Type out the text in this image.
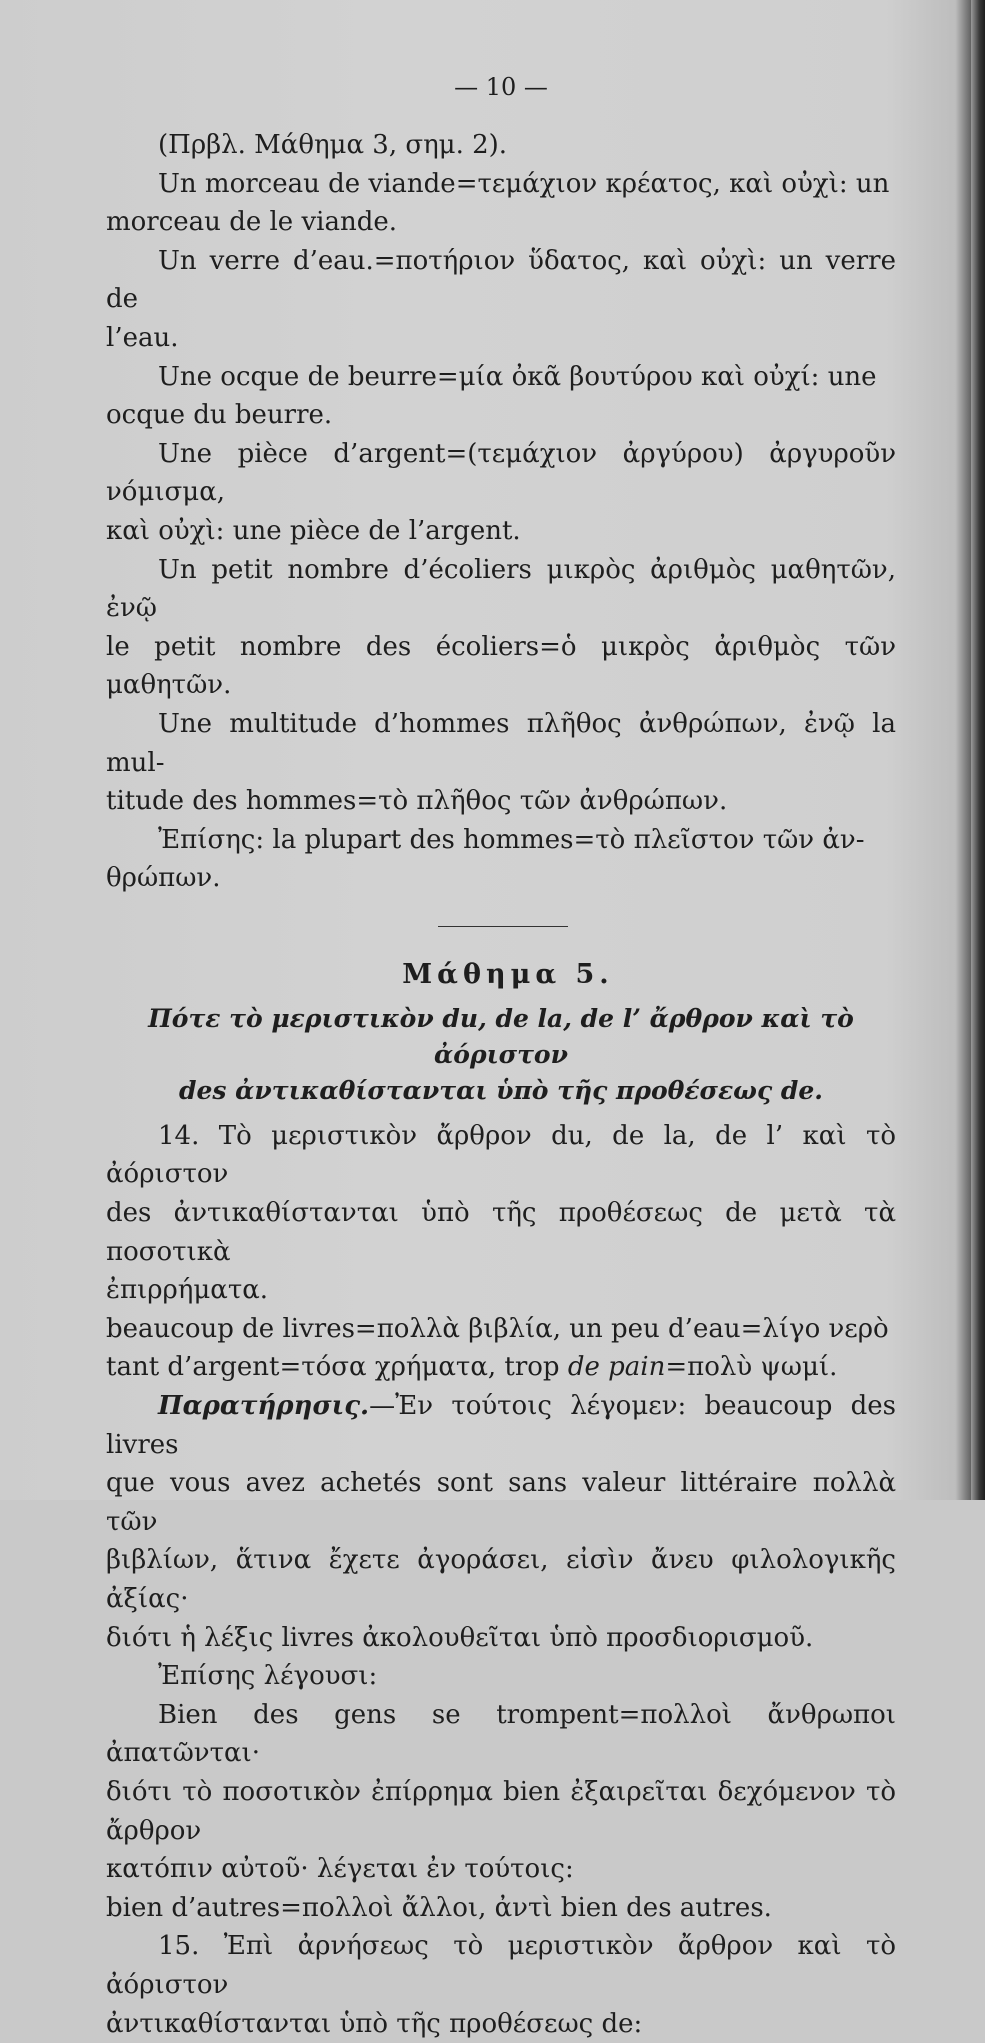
— 10 —

(Πρβλ. Μάθημα 3, σημ. 2).

Un morceau de viande=τεμάχιον κρέατος, καὶ οὐχὶ: un

morceau de le viande.

Un verre d’eau.=ποτήριον ὕδατος, καὶ οὐχὶ: un verre de

l’eau.

Une ocque de beurre=μία ὀκᾶ βουτύρου καὶ οὐχί: une

ocque du beurre.

Une pièce d’argent=(τεμάχιον ἀργύρου) ἀργυροῦν νόμισμα,

καὶ οὐχὶ: une pièce de l’argent.

Un petit nombre d’écoliers μικρὸς ἀριθμὸς μαθητῶν, ἐνῷ

le petit nombre des écoliers=ὁ μικρὸς ἀριθμὸς τῶν μαθητῶν.

Une multitude d’hommes πλῆθος ἀνθρώπων, ἐνῷ la mul-

titude des hommes=τὸ πλῆθος τῶν ἀνθρώπων.

Ἐπίσης: la plupart des hommes=τὸ πλεῖστον τῶν ἀν-

θρώπων.

Μάθημα 5.
Πότε τὸ μεριστικὸν du, de la, de l’ ἄρθρον καὶ τὸ ἀόριστον
des ἀντικαθίστανται ὑπὸ τῆς προθέσεως de.

14. Τὸ μεριστικὸν ἄρθρον du, de la, de l’ καὶ τὸ ἀόριστον

des ἀντικαθίστανται ὑπὸ τῆς προθέσεως de μετὰ τὰ ποσοτικὰ

ἐπιρρήματα.

beaucoup de livres=πολλὰ βιβλία, un peu d’eau=λίγο νερὸ

tant d’argent=τόσα χρήματα, trop de pain=πολὺ ψωμί.

Παρατήρησις.—Ἐν τούτοις λέγομεν: beaucoup des livres

que vous avez achetés sont sans valeur littéraire πολλὰ τῶν

βιβλίων, ἅτινα ἔχετε ἀγοράσει, εἰσὶν ἄνευ φιλολογικῆς ἀξίας·

διότι ἡ λέξις livres ἀκολουθεῖται ὑπὸ προσδιορισμοῦ.

Ἐπίσης λέγουσι:

Bien des gens se trompent=πολλοὶ ἄνθρωποι ἀπατῶνται·

διότι τὸ ποσοτικὸν ἐπίρρημα bien ἐξαιρεῖται δεχόμενον τὸ ἄρθρον

κατόπιν αὐτοῦ· λέγεται ἐν τούτοις:

bien d’autres=πολλοὶ ἄλλοι, ἀντὶ bien des autres.

15. Ἐπὶ ἀρνήσεως τὸ μεριστικὸν ἄρθρον καὶ τὸ ἀόριστον

ἀντικαθίστανται ὑπὸ τῆς προθέσεως de:
